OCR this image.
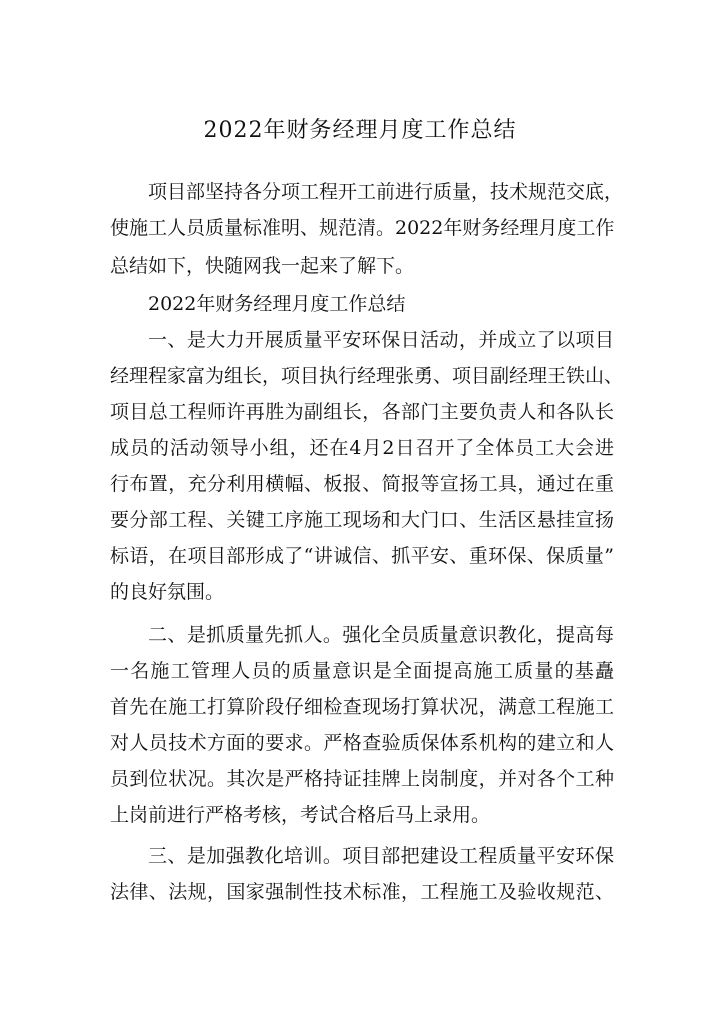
2022年财务经理月度工作总结
项目部坚持各分项工程开工前进行质量，技术规范交底，
使施工人员质量标准明、规范清。2022年财务经理月度工作
总结如下，快随网我一起来了解下。
2022年财务经理月度工作总结
一、是大力开展质量平安环保日活动，并成立了以项目
经理程家富为组长，项目执行经理张勇、项目副经理王铁山、
项目总工程师许再胜为副组长，各部门主要负责人和各队长
成员的活动领导小组，还在4月2日召开了全体员工大会进
行布置，充分利用横幅、板报、简报等宣扬工具，通过在重
要分部工程、关键工序施工现场和大门口、生活区悬挂宣扬
标语，在项目部形成了“讲诚信、抓平安、重环保、保质量”
的良好氛围。
二、是抓质量先抓人。强化全员质量意识教化，提高每
一名施工管理人员的质量意识是全面提高施工质量的基矗
首先在施工打算阶段仔细检查现场打算状况，满意工程施工
对人员技术方面的要求。严格查验质保体系机构的建立和人
员到位状况。其次是严格持证挂牌上岗制度，并对各个工种
上岗前进行严格考核，考试合格后马上录用。
三、是加强教化培训。项目部把建设工程质量平安环保
法律、法规，国家强制性技术标准，工程施工及验收规范、
